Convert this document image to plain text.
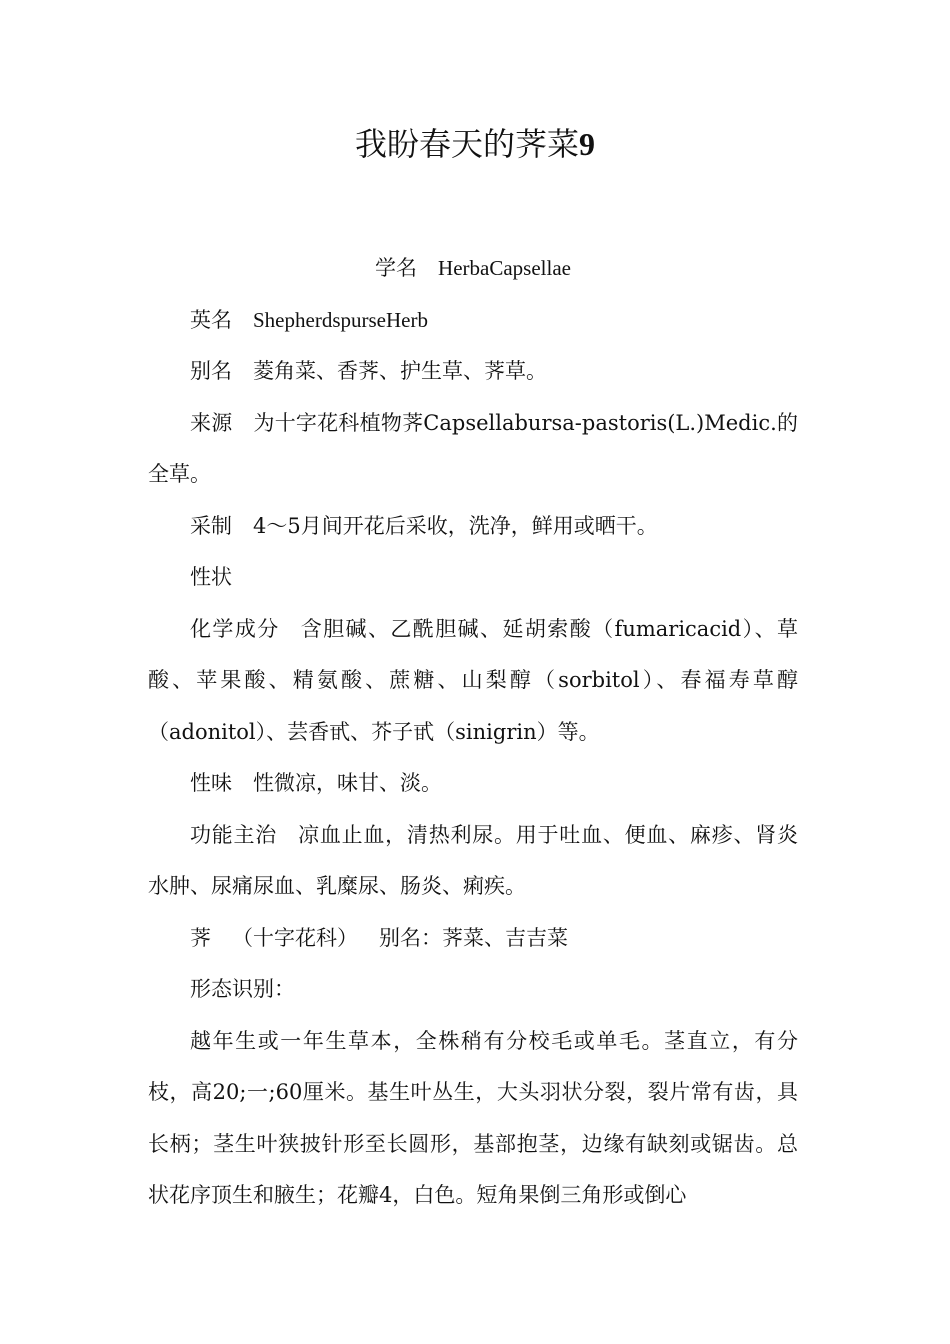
我盼春天的荠菜9

学名 HerbaCapsellae

英名 ShepherdspurseHerb

别名 菱角菜、香荠、护生草、荠草。

来源 为十字花科植物荠Capsellabursa-pastoris(L.)Medic.的全草。

采制 4～5月间开花后采收，洗净，鲜用或晒干。

性状

化学成分 含胆碱、乙酰胆碱、延胡索酸（fumaricacid）、草酸、苹果酸、精氨酸、蔗糖、山梨醇（sorbitol）、春福寿草醇（adonitol）、芸香甙、芥子甙（sinigrin）等。

性味 性微凉，味甘、淡。

功能主治 凉血止血，清热利尿。用于吐血、便血、麻疹、肾炎水肿、尿痛尿血、乳糜尿、肠炎、痢疾。

荠 （十字花科） 别名：荠菜、吉吉菜

形态识别：

越年生或一年生草本，全株稍有分校毛或单毛。茎直立，有分枝，高20;一;60厘米。基生叶丛生，大头羽状分裂，裂片常有齿，具长柄；茎生叶狭披针形至长圆形，基部抱茎，边缘有缺刻或锯齿。总状花序顶生和腋生；花瓣4，白色。短角果倒三角形或倒心
